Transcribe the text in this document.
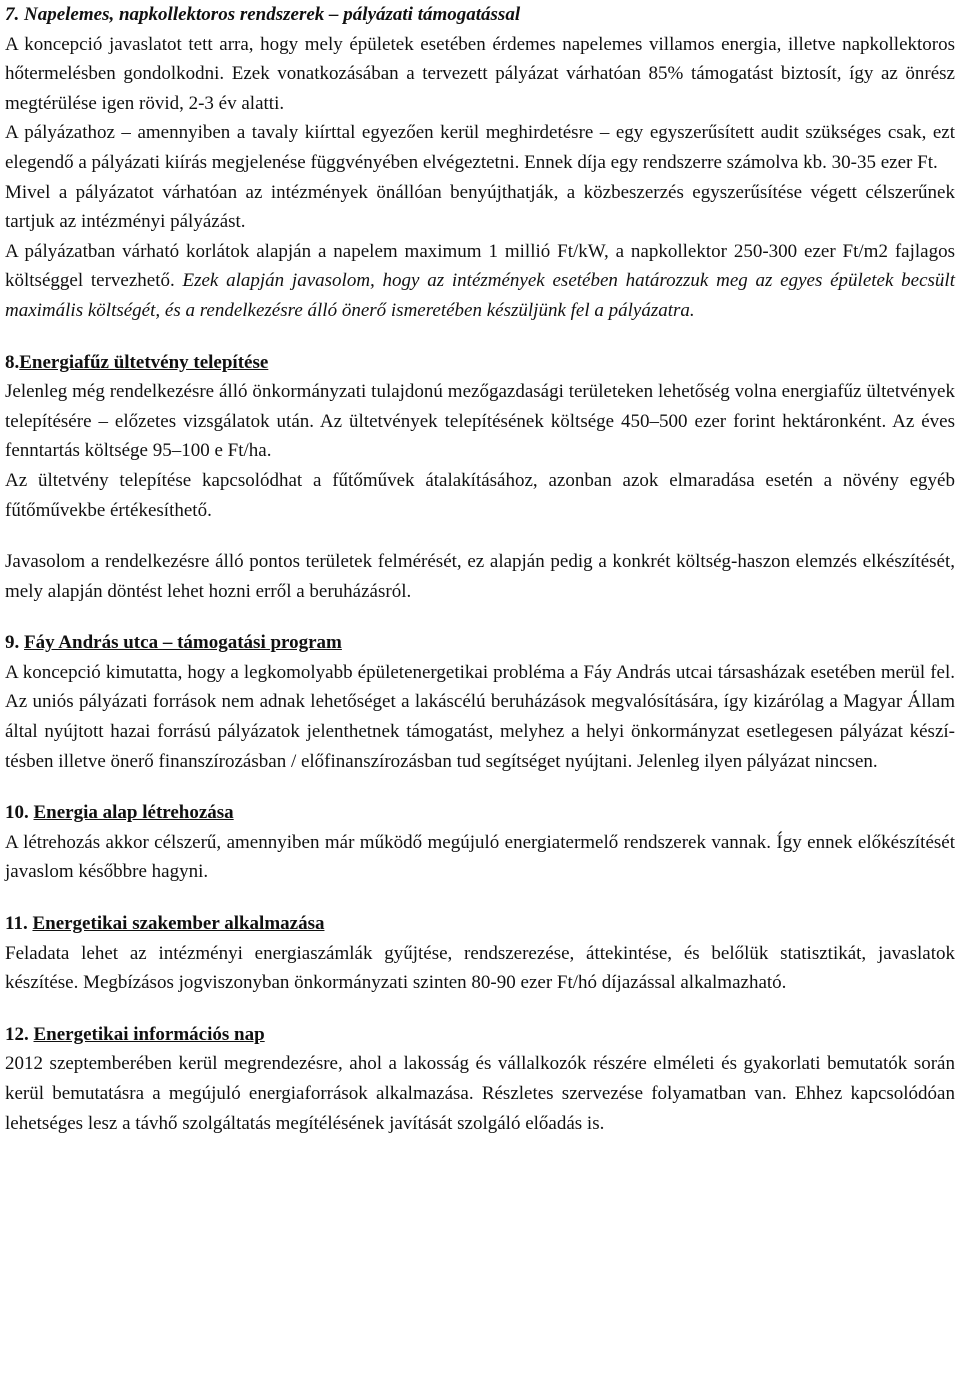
7. Napelemes, napkollektoros rendszerek – pályázati támogatással

A koncepció javaslatot tett arra, hogy mely épületek esetében érdemes napelemes villamos energia, illetve napkollektoros hőtermelésben gondolkodni. Ezek vonatkozásában a tervezett pályázat várhatóan 85% támogatást biztosít, így az önrész megtérülése igen rövid, 2-3 év alatti.

A pályázathoz – amennyiben a tavaly kiírttal egyezően kerül meghirdetésre – egy egyszerűsített audit szükséges csak, ezt elegendő a pályázati kiírás megjelenése függvényében elvégeztetni. Ennek díja egy rendszerre számolva kb. 30-35 ezer Ft.

Mivel a pályázatot várhatóan az intézmények önállóan benyújthatják, a közbeszerzés egyszerűsítése végett célszerűnek tartjuk az intézményi pályázást.

A pályázatban várható korlátok alapján a napelem maximum 1 millió Ft/kW, a napkollektor 250-300 ezer Ft/m2 fajlagos költséggel tervezhető. Ezek alapján javasolom, hogy az intézmények esetében határozzuk meg az egyes épületek becsült maximális költségét, és a rendelkezésre álló önerő ismeretében készüljünk fel a pályázatra.

8.Energiafűz ültetvény telepítése

Jelenleg még rendelkezésre álló önkormányzati tulajdonú mezőgazdasági területeken lehetőség volna energiafűz ültetvények telepítésére – előzetes vizsgálatok után. Az ültetvények telepítésének költsége 450–500 ezer forint hektáronként. Az éves fenntartás költsége 95–100 e Ft/ha.

Az ültetvény telepítése kapcsolódhat a fűtőművek átalakításához, azonban azok elmaradása esetén a növény egyéb fűtőművekbe értékesíthető.

Javasolom a rendelkezésre álló pontos területek felmérését, ez alapján pedig a konkrét költség-haszon elemzés elkészítését, mely alapján döntést lehet hozni erről a beruházásról.

9. Fáy András utca – támogatási program

A koncepció kimutatta, hogy a legkomolyabb épületenergetikai probléma a Fáy András utcai társasházak esetében merül fel. Az uniós pályázati források nem adnak lehetőséget a lakáscélú beruházások megvalósítására, így kizárólag a Magyar Állam által nyújtott hazai forrású pályázatok jelenthetnek támogatást, melyhez a helyi önkormányzat esetlegesen pályázat készítésben illetve önerő finanszírozásban / előfinanszírozásban tud segítséget nyújtani. Jelenleg ilyen pályázat nincsen.

10. Energia alap létrehozása

A létrehozás akkor célszerű, amennyiben már működő megújuló energiatermelő rendszerek vannak. Így ennek előkészítését javaslom későbbre hagyni.

11. Energetikai szakember alkalmazása

Feladata lehet az intézményi energiaszámlák gyűjtése, rendszerezése, áttekintése, és belőlük statisztikát, javaslatok készítése. Megbízásos jogviszonyban önkormányzati szinten 80-90 ezer Ft/hó díjazással alkalmazható.

12. Energetikai információs nap

2012 szeptemberében kerül megrendezésre, ahol a lakosság és vállalkozók részére elméleti és gyakorlati bemutatók során kerül bemutatásra a megújuló energiaforrások alkalmazása. Részletes szervezése folyamatban van. Ehhez kapcsolódóan lehetséges lesz a távhő szolgáltatás megítélésének javítását szolgáló előadás is.
